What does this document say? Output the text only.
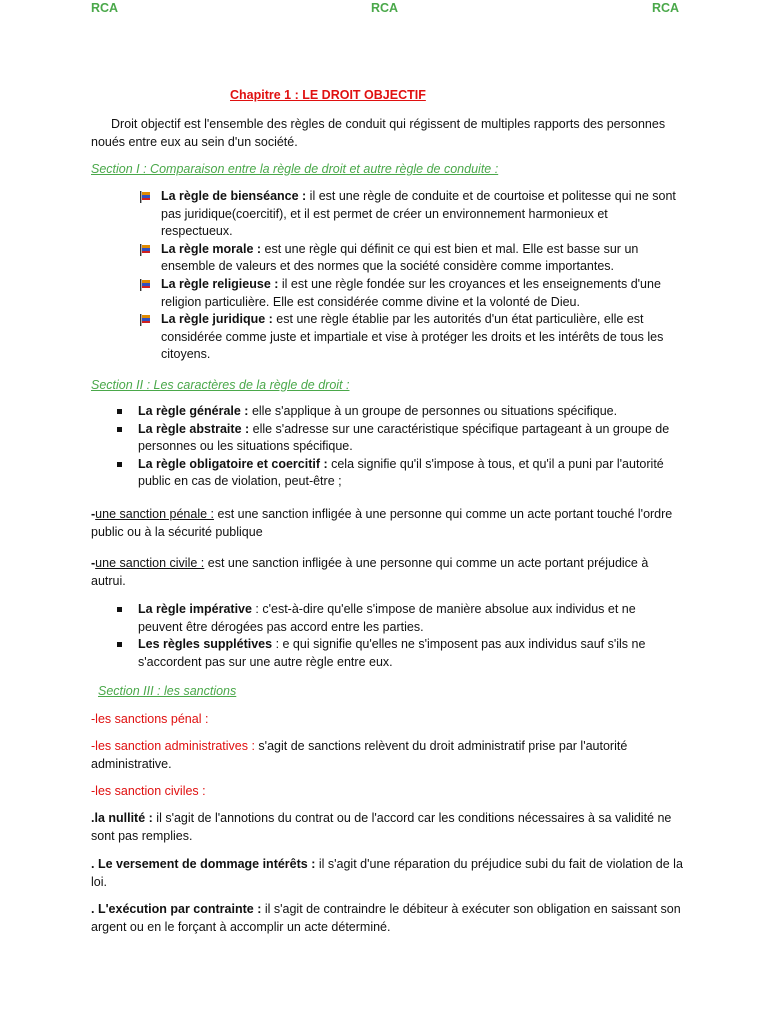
RCA	RCA	RCA
Chapitre 1 : LE DROIT OBJECTIF
Droit objectif est l'ensemble des règles de conduit qui régissent de multiples rapports des personnes noués entre eux au sein d'un société.
Section I : Comparaison entre la règle de droit et autre règle de conduite :
La règle de bienséance : il est une règle de conduite et de courtoise et politesse qui ne sont pas juridique(coercitif), et il est permet de créer un environnement harmonieux et respectueux.
La règle morale : est une règle qui définit ce qui est bien et mal. Elle est basse sur un ensemble de valeurs et des normes que la société considère comme importantes.
La règle religieuse : il est une règle fondée sur les croyances et les enseignements d'une religion particulière. Elle est considérée comme divine et la volonté de Dieu.
La règle juridique : est une règle établie par les autorités d'un état particulière, elle est considérée comme juste et impartiale et vise à protéger les droits et les intérêts de tous les citoyens.
Section II : Les caractères de la règle de droit :
La règle générale : elle s'applique à un groupe de personnes ou situations spécifique.
La règle abstraite : elle s'adresse sur une caractéristique spécifique partageant à un groupe de personnes ou les situations spécifique.
La règle obligatoire et coercitif : cela signifie qu'il s'impose à tous, et qu'il a puni par l'autorité public en cas de violation, peut-être ;
-une sanction pénale : est une sanction infligée à une personne qui comme un acte portant touché l'ordre public ou à la sécurité publique
-une sanction civile : est une sanction infligée à une personne qui comme un acte portant préjudice à autrui.
La règle impérative : c'est-à-dire qu'elle s'impose de manière absolue aux individus et ne peuvent être dérogées pas accord entre les parties.
Les règles supplétives : e qui signifie qu'elles ne s'imposent pas aux individus sauf s'ils ne s'accordent pas sur une autre règle entre eux.
Section III : les sanctions
-les sanctions pénal :
-les sanction administratives : s'agit de sanctions relèvent du droit administratif prise par l'autorité administrative.
-les sanction civiles :
.la nullité : il s'agit de l'annotions du contrat ou de l'accord car les conditions nécessaires à sa validité ne sont pas remplies.
. Le versement de dommage intérêts : il s'agit d'une réparation du préjudice subi du fait de violation de la loi.
. L'exécution par contrainte : il s'agit de contraindre le débiteur à exécuter son obligation en saissant son argent ou en le forçant à accomplir un acte déterminé.
